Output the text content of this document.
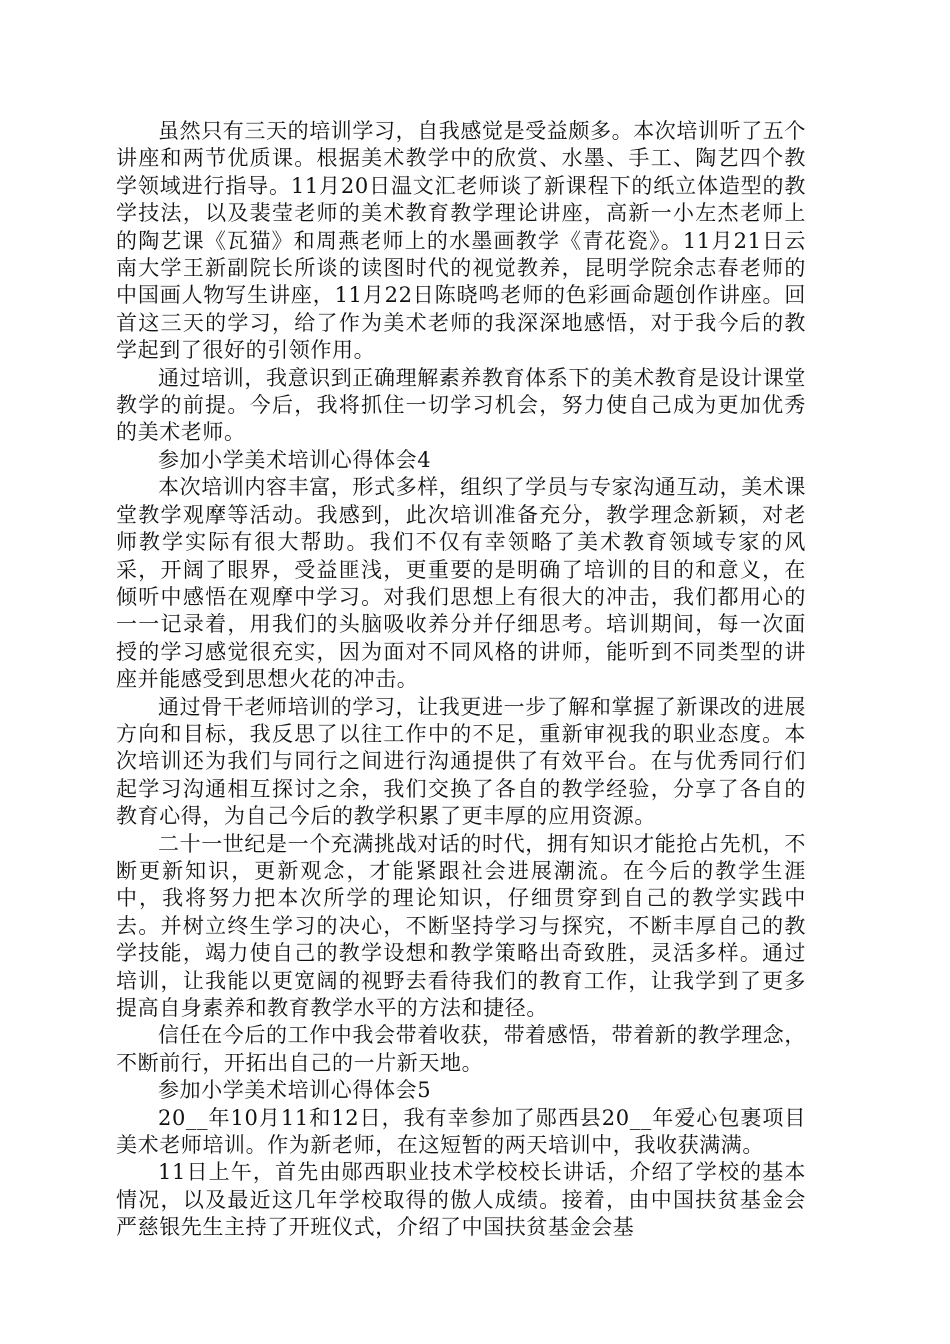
虽然只有三天的培训学习，自我感觉是受益颇多。本次培训听了五个讲座和两节优质课。根据美术教学中的欣赏、水墨、手工、陶艺四个教学领域进行指导。11月20日温文汇老师谈了新课程下的纸立体造型的教学技法，以及裴莹老师的美术教育教学理论讲座，高新一小左杰老师上的陶艺课《瓦猫》和周燕老师上的水墨画教学《青花瓷》。11月21日云南大学王新副院长所谈的读图时代的视觉教养，昆明学院余志春老师的中国画人物写生讲座，11月22日陈晓鸣老师的色彩画命题创作讲座。回首这三天的学习，给了作为美术老师的我深深地感悟，对于我今后的教学起到了很好的引领作用。

通过培训，我意识到正确理解素养教育体系下的美术教育是设计课堂教学的前提。今后，我将抓住一切学习机会，努力使自己成为更加优秀的美术老师。

参加小学美术培训心得体会4

本次培训内容丰富，形式多样，组织了学员与专家沟通互动，美术课堂教学观摩等活动。我感到，此次培训准备充分，教学理念新颖，对老师教学实际有很大帮助。我们不仅有幸领略了美术教育领域专家的风采，开阔了眼界，受益匪浅，更重要的是明确了培训的目的和意义，在倾听中感悟在观摩中学习。对我们思想上有很大的冲击，我们都用心的一一记录着，用我们的头脑吸收养分并仔细思考。培训期间，每一次面授的学习感觉很充实，因为面对不同风格的讲师，能听到不同类型的讲座并能感受到思想火花的冲击。

通过骨干老师培训的学习，让我更进一步了解和掌握了新课改的进展方向和目标，我反思了以往工作中的不足，重新审视我的职业态度。本次培训还为我们与同行之间进行沟通提供了有效平台。在与优秀同行们起学习沟通相互探讨之余，我们交换了各自的教学经验，分享了各自的教育心得，为自己今后的教学积累了更丰厚的应用资源。

二十一世纪是一个充满挑战对话的时代，拥有知识才能抢占先机，不断更新知识，更新观念，才能紧跟社会进展潮流。在今后的教学生涯中，我将努力把本次所学的理论知识，仔细贯穿到自己的教学实践中去。并树立终生学习的决心，不断坚持学习与探究，不断丰厚自己的教学技能，竭力使自己的教学设想和教学策略出奇致胜，灵活多样。通过培训，让我能以更宽阔的视野去看待我们的教育工作，让我学到了更多提高自身素养和教育教学水平的方法和捷径。

信任在今后的工作中我会带着收获，带着感悟，带着新的教学理念，不断前行，开拓出自己的一片新天地。

参加小学美术培训心得体会5

20__年10月11和12日，我有幸参加了郧西县20__年爱心包裹项目美术老师培训。作为新老师，在这短暂的两天培训中，我收获满满。

11日上午，首先由郧西职业技术学校校长讲话，介绍了学校的基本情况，以及最近这几年学校取得的傲人成绩。接着，由中国扶贫基金会严慈银先生主持了开班仪式，介绍了中国扶贫基金会基
